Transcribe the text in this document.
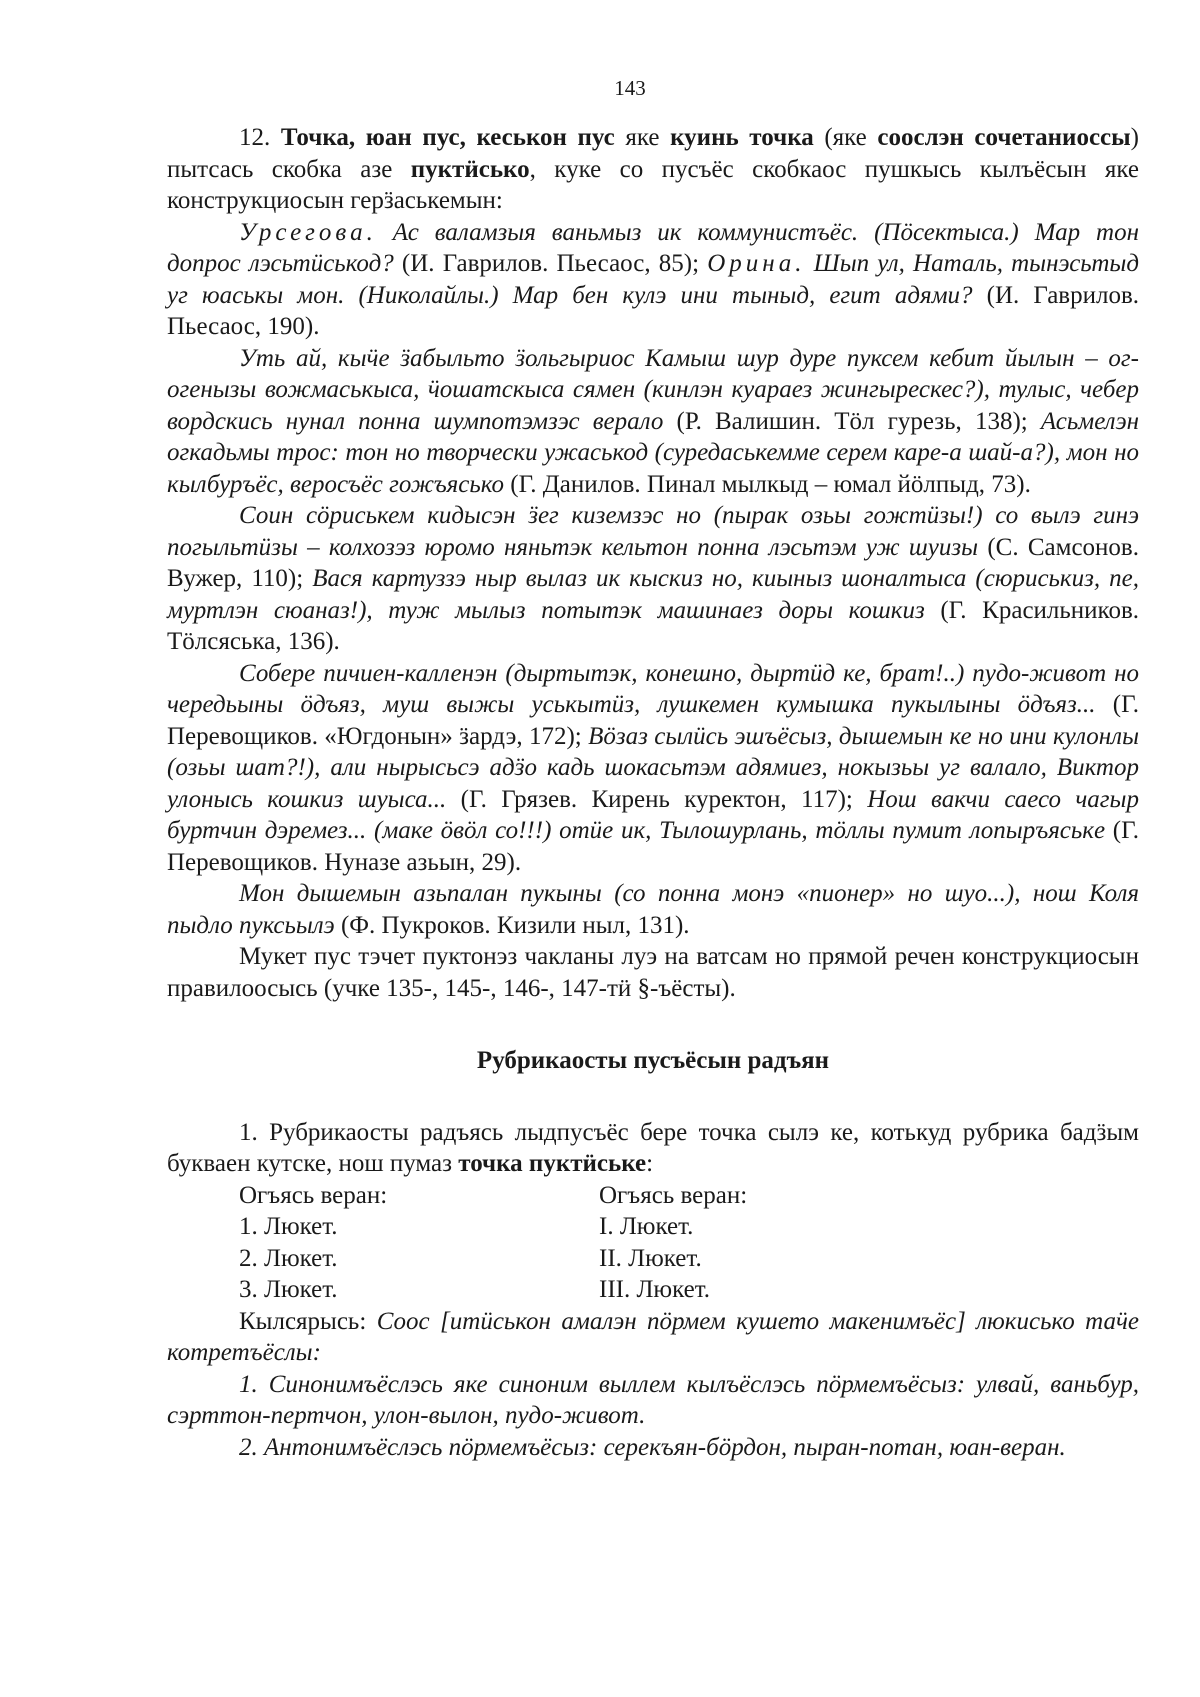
143

12. Точка, юан пус, кеськон пус яке куинь точка (яке сооcлэн сочетаниоссы) пытсась скобка азе пуктӥсько, куке со пусъёс скобкаос пушкысь кылъёсын яке конструкциосын герӟаськемын:

Урсегова. Ас валамзыя ваньмыз ик коммунистъёс. (Пӧсектыса.) Мар тон допрос лэсьтӥськод? (И. Гаврилов. Пьесаос, 85); Орина. Шып ул, Наталь, тынэсьтыд уг юаськы мон. (Николайлы.) Мар бен кулэ ини тыныд, егит адями? (И. Гаврилов. Пьесаос, 190).

Уть ай, кыӵе ӟабыльто ӟольгыриос Камыш шур дуре пуксем кебит йылын – ог-огенызы вожмаськыса, ӵошатскыса сямен (кинлэн куараез жингырескес?), тулыс, чебер вордскись нунал понна шумпотэмзэс верало (Р. Валишин. Тӧл гурезь, 138); Асьмелэн огкадьмы трос: тон но творчески ужаськод (суредаськемме серем каре-а шай-а?), мон но кылбуръёс, веросъёс гожъясько (Г. Данилов. Пинал мылкыд – юмал йӧлпыд, 73).

Соин сӧриськем кидысэн ӟег киземзэс но (пырак озьы гожтӥзы!) со вылэ гинэ погыльтӥзы – колхозэз юромо няньтэк кельтон понна лэсьтэм уж шуизы (С. Самсонов. Вужер, 110); Вася картуззэ ныр вылаз ик кыскиз но, киыныз шоналтыса (сюриськиз, пе, муртлэн сюаназ!), туж мылыз потытэк машинаез доры кошкиз (Г. Красильников. Тӧлсяська, 136).

Собере пичиен-калленэн (дыртытэк, конешно, дыртӥд ке, брат!..) пудо-живот но чередьыны ӧдъяз, муш выжы уськытӥз, лушкемен кумышка пукылыны ӧдъяз... (Г. Перевощиков. «Югдонын» ӟардэ, 172); Вӧзаз сылӥсь эшъёсыз, дышемын ке но ини кулонлы (озьы шат?!), али нырысьсэ адӟо кадь шокасьтэм адямиез, нокызьы уг валало, Виктор улонысь кошкиз шуыса... (Г. Грязев. Кирень куректон, 117); Нош вакчи саесо чагыр буртчин дэремез... (маке ӧвӧл со!!!) отӥе ик, Тылошурлань, тӧллы пумит лопыръяськe (Г. Перевощиков. Нуназе азьын, 29).

Мон дышемын азьпалан пукыны (со понна монэ «пионер» но шуо...), нош Коля пыдло пуксьылэ (Ф. Пукроков. Кизили ныл, 131).

Мукет пус тэчет пуктонэз чакланы луэ на ватсам но прямой речен конструкциосын правилоосысь (учке 135-, 145-, 146-, 147-тӥ §-ъёсты).

Рубрикаосты пусъёсын радъян

1. Рубрикаосты радъясь лыдпусъёс бере точка сылэ ке, котькуд рубрика бадӟым букваен кутске, нош пумаз точка пуктӥське:

Огъясь веран:

1. Люкет.

2. Люкет.

3. Люкет.

Огъясь веран:

I. Люкет.

II. Люкет.

III. Люкет.

Кылсярысь: Соос [итӥськон амалэн пӧрмем кушето макенимъёс] люкисько таӵе котретъёслы:

1. Синонимъёслэсь яке синоним выллем кылъёслэсь пӧрмемъёсыз: улвай, ваньбур, сэрттон-пертчон, улон-вылон, пудо-живот.

2. Антонимъёслэсь пӧрмемъёсыз: серекъян-бӧрдон, пыран-потан, юан-веран.
